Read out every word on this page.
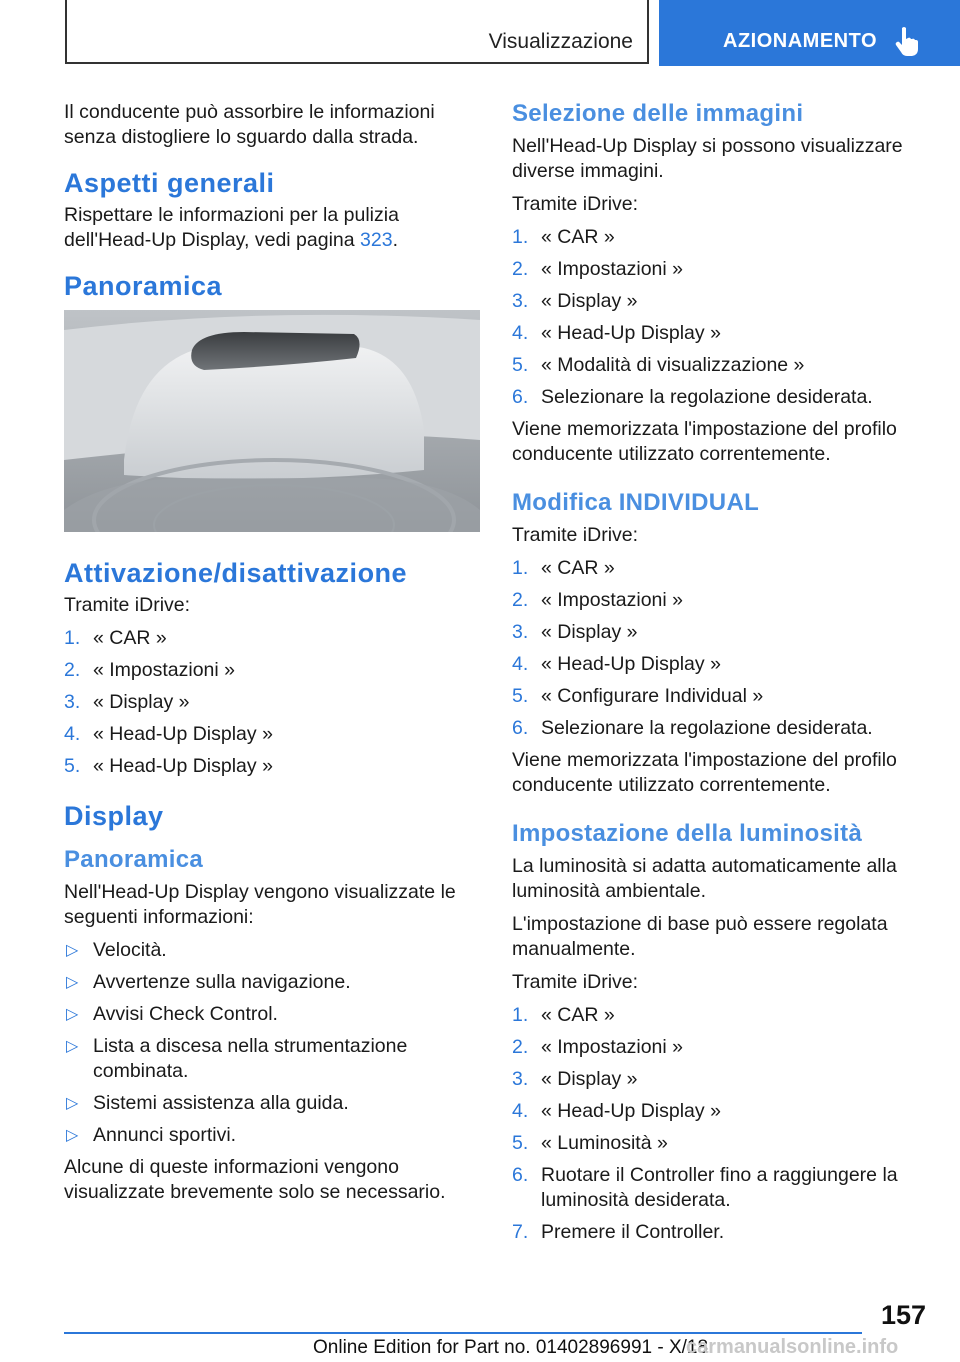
Visualizzazione	AZIONAMENTO

Il conducente può assorbire le informazioni senza distogliere lo sguardo dalla strada.

Aspetti generali

Rispettare le informazioni per la pulizia dell'Head-Up Display, vedi pagina 323.

Panoramica
Attivazione/disattivazione

Tramite iDrive:

1. « CAR »
2. « Impostazioni »
3. « Display »
4. « Head-Up Display »
5. « Head-Up Display »
Display
Panoramica

Nell'Head-Up Display vengono visualizzate le seguenti informazioni:

▷ Velocità.
▷ Avvertenze sulla navigazione.
▷ Avvisi Check Control.
▷ Lista a discesa nella strumentazione combinata.
▷ Sistemi assistenza alla guida.
▷ Annunci sportivi.

Alcune di queste informazioni vengono visualizzate brevemente solo se necessario.

Selezione delle immagini

Nell'Head-Up Display si possono visualizzare diverse immagini.

Tramite iDrive:

1. « CAR »
2. « Impostazioni »
3. « Display »
4. « Head-Up Display »
5. « Modalità di visualizzazione »
6. Selezionare la regolazione desiderata.

Viene memorizzata l'impostazione del profilo conducente utilizzato correntemente.

Modifica INDIVIDUAL

Tramite iDrive:

1. « CAR »
2. « Impostazioni »
3. « Display »
4. « Head-Up Display »
5. « Configurare Individual »
6. Selezionare la regolazione desiderata.

Viene memorizzata l'impostazione del profilo conducente utilizzato correntemente.

Impostazione della luminosità

La luminosità si adatta automaticamente alla luminosità ambientale.

L'impostazione di base può essere regolata manualmente.

Tramite iDrive:

1. « CAR »
2. « Impostazioni »
3. « Display »
4. « Head-Up Display »
5. « Luminosità »
6. Ruotare il Controller fino a raggiungere la luminosità desiderata.
7. Premere il Controller.
157
Online Edition for Part no. 01402896991 - X/18
carmanualsonline.info
